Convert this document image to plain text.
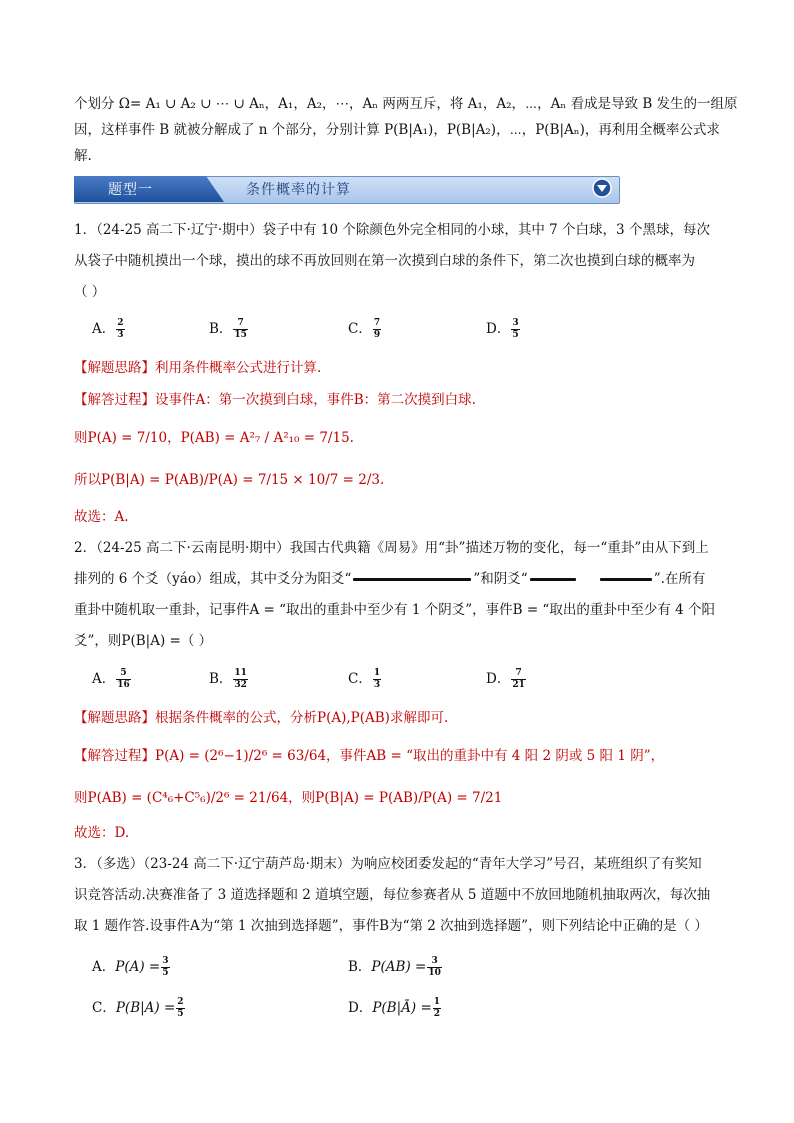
个划分 Ω= A₁ ∪ A₂ ∪ ⋯ ∪ Aₙ，A₁，A₂，⋯，Aₙ 两两互斥，将 A₁，A₂，⋯，Aₙ 看成是导致 B 发生的一组原
因，这样事件 B 就被分解成了 n 个部分，分别计算 P(B|A₁)，P(B|A₂)，⋯，P(B|Aₙ)，再利用全概率公式求
解.
题型一	条件概率的计算
1．（24-25 高二下·辽宁·期中）袋子中有 10 个除颜色外完全相同的小球，其中 7 个白球，3 个黑球，每次
从袋子中随机摸出一个球，摸出的球不再放回则在第一次摸到白球的条件下，第二次也摸到白球的概率为
（ ）
A． $\frac{2}{3}$	B． $\frac{7}{15}$	C． $\frac{7}{9}$	D． $\frac{3}{5}$
【解题思路】利用条件概率公式进行计算.
【解答过程】设事件A：第一次摸到白球，事件B：第二次摸到白球.
则P(A) = 7/10，P(AB) = A²₇ / A²₁₀ = 7/15.
所以P(B|A) = P(AB)/P(A) = 7/15 × 10/7 = 2/3.
故选：A.
2．（24-25 高二下·云南昆明·期中）我国古代典籍《周易》用“卦”描述万物的变化，每一“重卦”由从下到上
排列的 6 个爻（yáo）组成，其中爻分为阳爻“	”和阴爻“	”.在所有
重卦中随机取一重卦，记事件A = “取出的重卦中至少有 1 个阴爻”，事件B = “取出的重卦中至少有 4 个阳
爻”，则P(B|A) =（ ）
A． $\frac{5}{16}$	B． $\frac{11}{32}$	C． $\frac{1}{3}$	D． $\frac{7}{21}$
【解题思路】根据条件概率的公式，分析P(A),P(AB)求解即可.
【解答过程】P(A) = (2⁶−1)/2⁶ = 63/64，事件AB = “取出的重卦中有 4 阳 2 阴或 5 阳 1 阴”，
则P(AB) = (C⁴₆+C⁵₆)/2⁶ = 21/64，则P(B|A) = P(AB)/P(A) = 7/21
故选：D.
3．（多选）（23-24 高二下·辽宁葫芦岛·期末）为响应校团委发起的“青年大学习”号召，某班组织了有奖知
识竞答活动.决赛准备了 3 道选择题和 2 道填空题，每位参赛者从 5 道题中不放回地随机抽取两次，每次抽
取 1 题作答.设事件A为“第 1 次抽到选择题”，事件B为“第 2 次抽到选择题”，则下列结论中正确的是（ ）
A．$P(A) = \frac{3}{5}$	B．$P(AB) = \frac{3}{10}$
C．$P(B|A) = \frac{2}{5}$	D．P(B|Ā) = $\frac{1}{2}$
